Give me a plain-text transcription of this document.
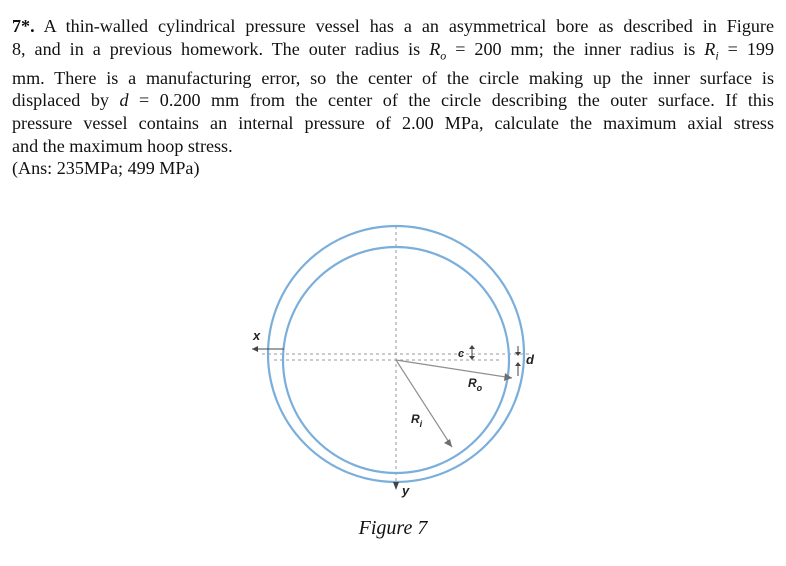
7*. A thin-walled cylindrical pressure vessel has a an asymmetrical bore as described in Figure
8, and in a previous homework. The outer radius is $R_o = 200$ mm; the inner radius is $R_i = 199$
mm. There is a manufacturing error, so the center of the circle making up the inner surface is
displaced by d = 0.200 mm from the center of the circle describing the outer surface. If this
pressure vessel contains an internal pressure of 2.00 MPa, calculate the maximum axial stress
and the maximum hoop stress.
(Ans: 235MPa; 499 MPa)
x
y
$R_o$
$R_i$
c	d
Figure 7
